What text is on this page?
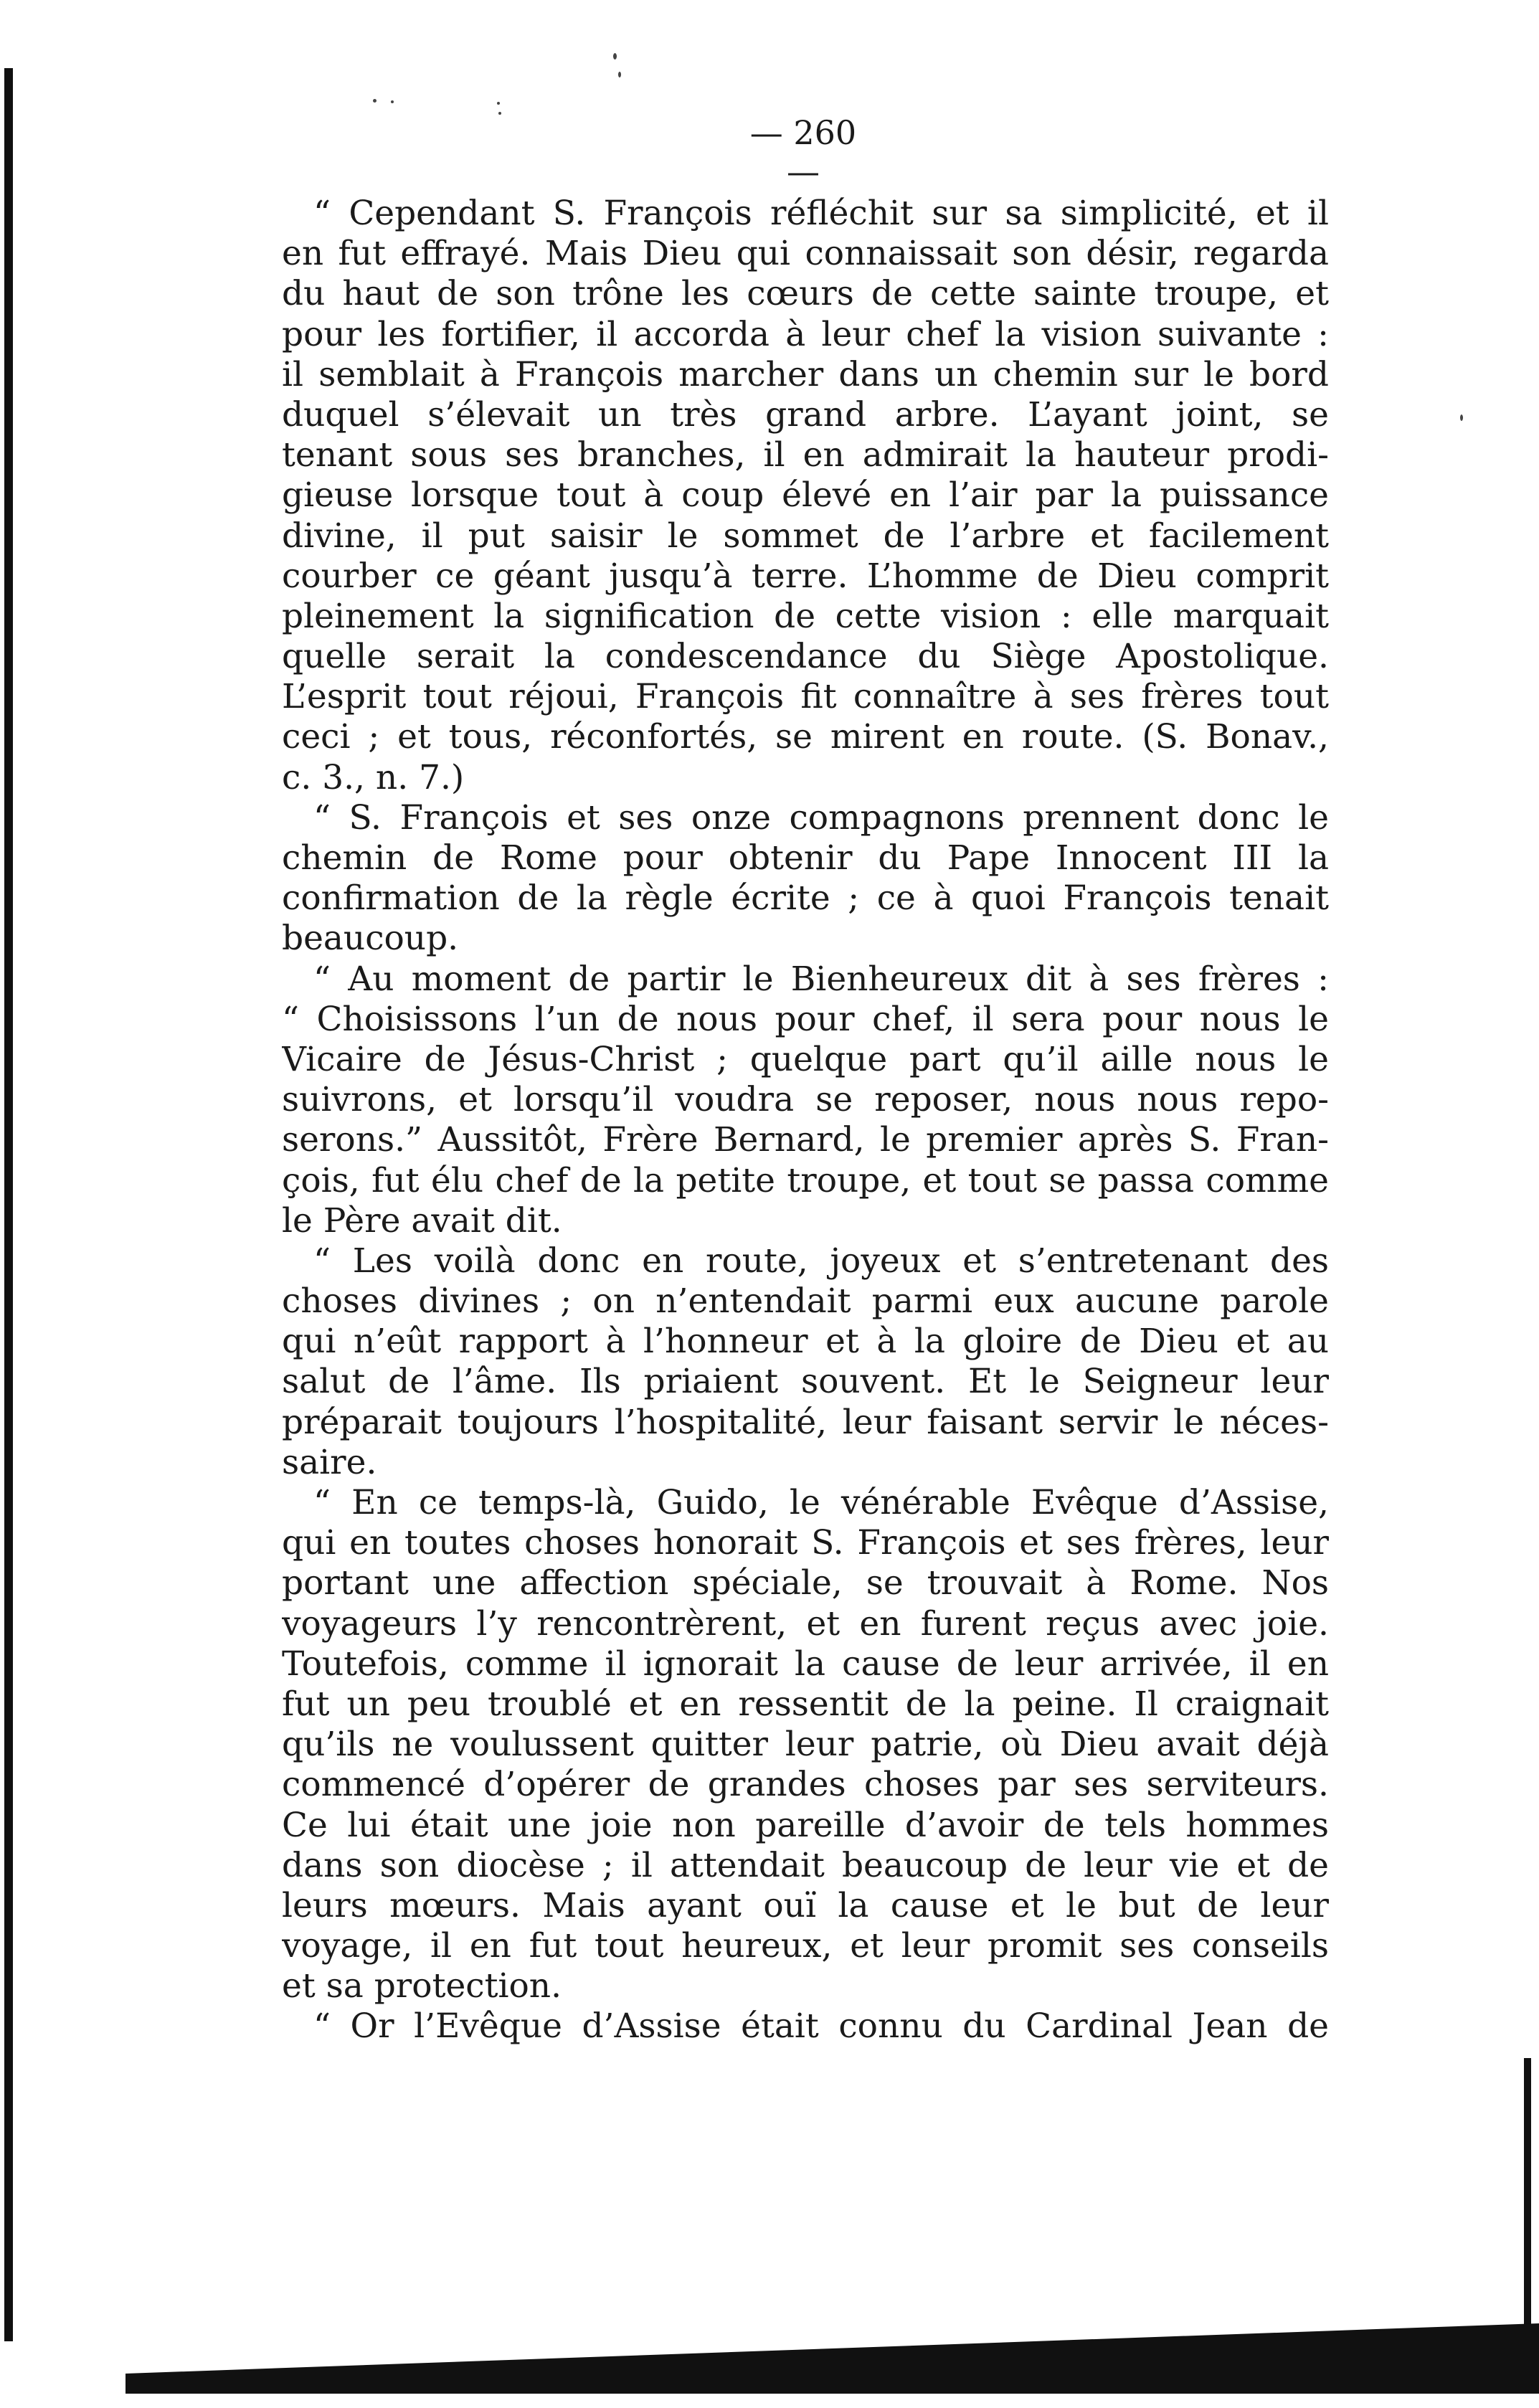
— 260 —
“ Cependant S. François réfléchit sur sa simplicité, et il
en fut effrayé. Mais Dieu qui connaissait son désir, regarda
du haut de son trône les cœurs de cette sainte troupe, et
pour les fortifier, il accorda à leur chef la vision suivante :
il semblait à François marcher dans un chemin sur le bord
duquel s’élevait un très grand arbre. L’ayant joint, se
tenant sous ses branches, il en admirait la hauteur prodi-
gieuse lorsque tout à coup élevé en l’air par la puissance
divine, il put saisir le sommet de l’arbre et facilement
courber ce géant jusqu’à terre. L’homme de Dieu comprit
pleinement la signification de cette vision : elle marquait
quelle serait la condescendance du Siège Apostolique.
L’esprit tout réjoui, François fit connaître à ses frères tout
ceci ; et tous, réconfortés, se mirent en route. (S. Bonav.,
c. 3., n. 7.)
“ S. François et ses onze compagnons prennent donc le
chemin de Rome pour obtenir du Pape Innocent III la
confirmation de la règle écrite ; ce à quoi François tenait
beaucoup.
“ Au moment de partir le Bienheureux dit à ses frères :
“ Choisissons l’un de nous pour chef, il sera pour nous le
Vicaire de Jésus-Christ ; quelque part qu’il aille nous le
suivrons, et lorsqu’il voudra se reposer, nous nous repo-
serons.” Aussitôt, Frère Bernard, le premier après S. Fran-
çois, fut élu chef de la petite troupe, et tout se passa comme
le Père avait dit.
“ Les voilà donc en route, joyeux et s’entretenant des
choses divines ; on n’entendait parmi eux aucune parole
qui n’eût rapport à l’honneur et à la gloire de Dieu et au
salut de l’âme. Ils priaient souvent. Et le Seigneur leur
préparait toujours l’hospitalité, leur faisant servir le néces-
saire.
“ En ce temps-là, Guido, le vénérable Evêque d’Assise,
qui en toutes choses honorait S. François et ses frères, leur
portant une affection spéciale, se trouvait à Rome. Nos
voyageurs l’y rencontrèrent, et en furent reçus avec joie.
Toutefois, comme il ignorait la cause de leur arrivée, il en
fut un peu troublé et en ressentit de la peine. Il craignait
qu’ils ne voulussent quitter leur patrie, où Dieu avait déjà
commencé d’opérer de grandes choses par ses serviteurs.
Ce lui était une joie non pareille d’avoir de tels hommes
dans son diocèse ; il attendait beaucoup de leur vie et de
leurs mœurs. Mais ayant ouï la cause et le but de leur
voyage, il en fut tout heureux, et leur promit ses conseils
et sa protection.
“ Or l’Evêque d’Assise était connu du Cardinal Jean de
